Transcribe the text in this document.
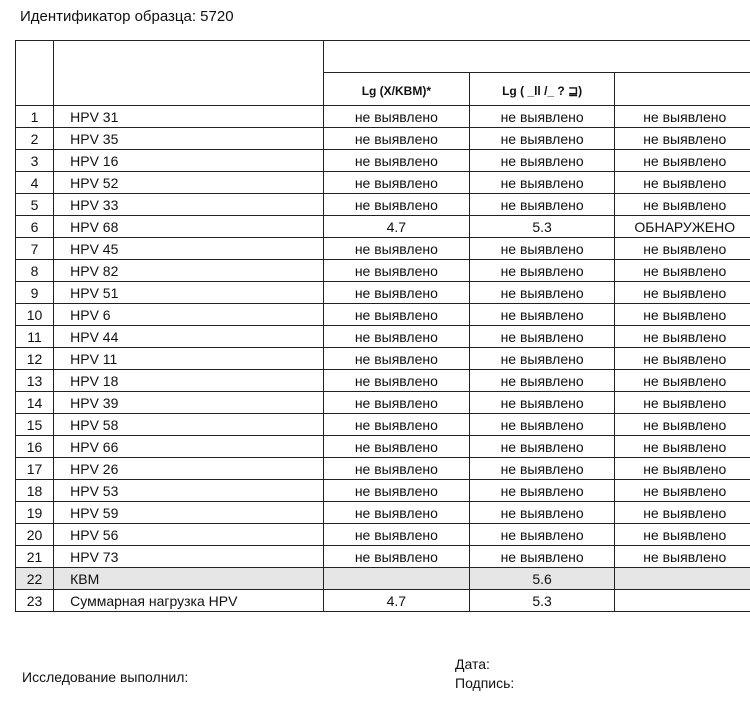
Идентификатор образца: 5720

		Lg (X/KBM)*	Lg ( _ll /_ ? ⊒)	

1	HPV 31	не выявлено	не выявлено	не выявлено
2	HPV 35	не выявлено	не выявлено	не выявлено
3	HPV 16	не выявлено	не выявлено	не выявлено
4	HPV 52	не выявлено	не выявлено	не выявлено
5	HPV 33	не выявлено	не выявлено	не выявлено
6	HPV 68	4.7	5.3	ОБНАРУЖЕНО
7	HPV 45	не выявлено	не выявлено	не выявлено
8	HPV 82	не выявлено	не выявлено	не выявлено
9	HPV 51	не выявлено	не выявлено	не выявлено
10	HPV 6	не выявлено	не выявлено	не выявлено
11	HPV 44	не выявлено	не выявлено	не выявлено
12	HPV 11	не выявлено	не выявлено	не выявлено
13	HPV 18	не выявлено	не выявлено	не выявлено
14	HPV 39	не выявлено	не выявлено	не выявлено
15	HPV 58	не выявлено	не выявлено	не выявлено
16	HPV 66	не выявлено	не выявлено	не выявлено
17	HPV 26	не выявлено	не выявлено	не выявлено
18	HPV 53	не выявлено	не выявлено	не выявлено
19	HPV 59	не выявлено	не выявлено	не выявлено
20	HPV 56	не выявлено	не выявлено	не выявлено
21	HPV 73	не выявлено	не выявлено	не выявлено
22	КВМ		5.6	
23	Суммарная нагрузка HPV	4.7	5.3	
Исследование выполнил:
Дата:
Подпись:
